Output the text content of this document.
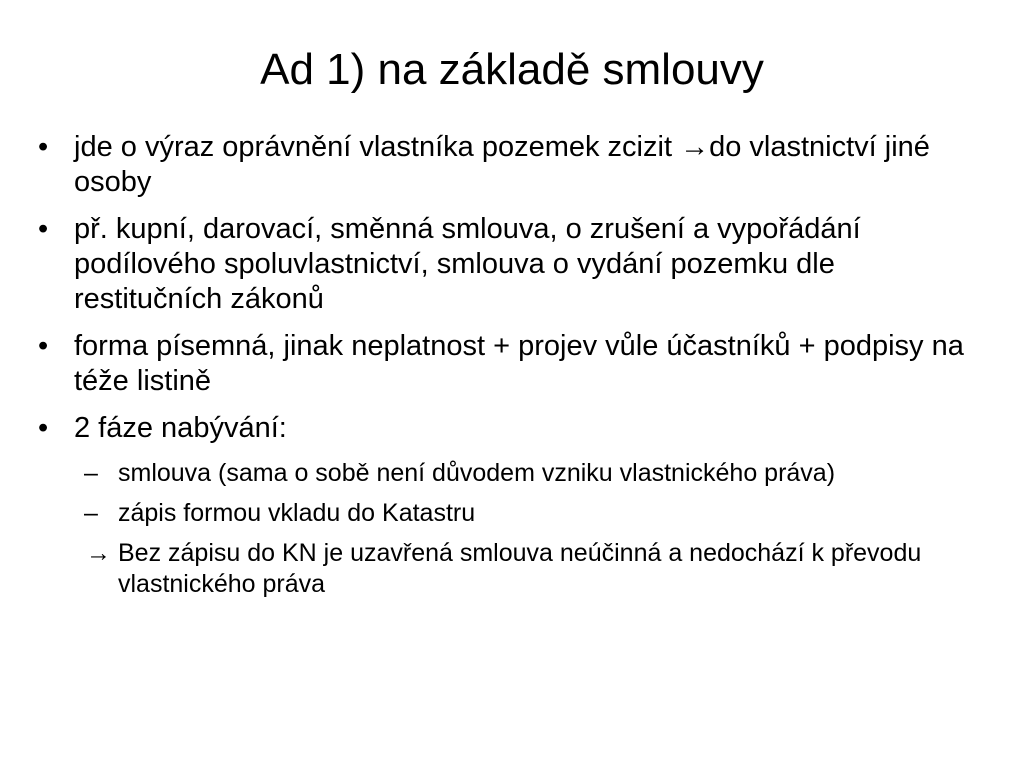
Ad 1) na základě smlouvy
• jde o výraz oprávnění vlastníka pozemek zcizit →do vlastnictví jiné osoby
• př. kupní, darovací, směnná smlouva, o zrušení a vypořádání podílového spoluvlastnictví, smlouva o vydání pozemku dle restitučních zákonů
• forma písemná, jinak neplatnost + projev vůle účastníků + podpisy na téže listině
• 2 fáze nabývání:
– smlouva (sama o sobě není důvodem vzniku vlastnického práva)
– zápis formou vkladu do Katastru
→ Bez zápisu do KN je uzavřená smlouva neúčinná a nedochází k převodu vlastnického práva
